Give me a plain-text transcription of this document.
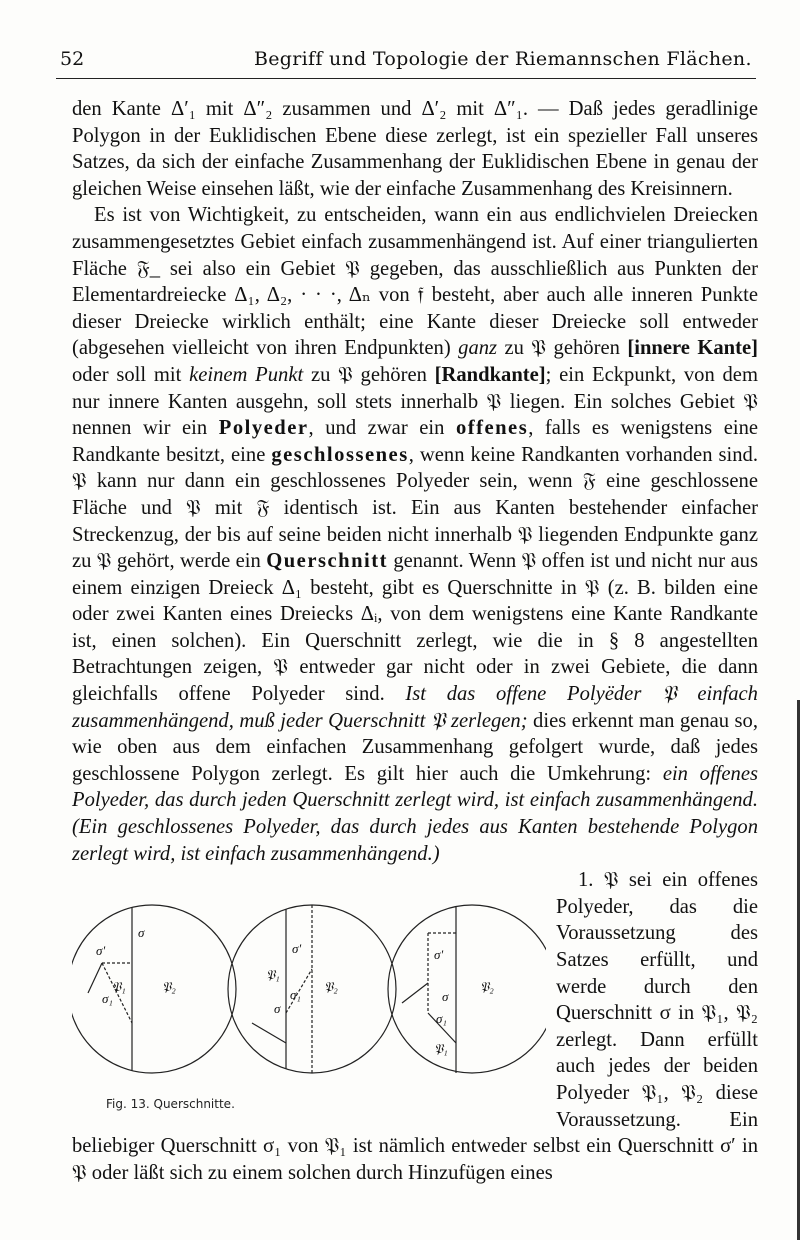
52	Begriff und Topologie der Riemannschen Flächen.

den Kante Δ′₁ mit Δ″₂ zusammen und Δ′₂ mit Δ″₁. — Daß jedes geradlinige Polygon in der Euklidischen Ebene diese zerlegt, ist ein spezieller Fall unseres Satzes, da sich der einfache Zusammenhang der Euklidischen Ebene in genau der gleichen Weise einsehen läßt, wie der einfache Zusammenhang des Kreisinnern.

Es ist von Wichtigkeit, zu entscheiden, wann ein aus endlichvielen Dreiecken zusammengesetztes Gebiet einfach zusammenhängend ist. Auf einer triangulierten Fläche 𝔉_ sei also ein Gebiet 𝔓 gegeben, das ausschließlich aus Punkten der Elementardreiecke Δ₁, Δ₂, · · ·, Δₙ von 𝔣 besteht, aber auch alle inneren Punkte dieser Dreiecke wirklich enthält; eine Kante dieser Dreiecke soll entweder (abgesehen vielleicht von ihren Endpunkten) ganz zu 𝔓 gehören [innere Kante] oder soll mit keinem Punkt zu 𝔓 gehören [Randkante]; ein Eckpunkt, von dem nur innere Kanten ausgehn, soll stets innerhalb 𝔓 liegen. Ein solches Gebiet 𝔓 nennen wir ein Polyeder, und zwar ein offenes, falls es wenigstens eine Randkante besitzt, eine geschlossenes, wenn keine Randkanten vorhanden sind. 𝔓 kann nur dann ein geschlossenes Polyeder sein, wenn 𝔉 eine geschlossene Fläche und 𝔓 mit 𝔉 identisch ist. Ein aus Kanten bestehender einfacher Streckenzug, der bis auf seine beiden nicht innerhalb 𝔓 liegenden Endpunkte ganz zu 𝔓 gehört, werde ein Querschnitt genannt. Wenn 𝔓 offen ist und nicht nur aus einem einzigen Dreieck Δ₁ besteht, gibt es Querschnitte in 𝔓 (z. B. bilden eine oder zwei Kanten eines Dreiecks Δᵢ, von dem wenigstens eine Kante Randkante ist, einen solchen). Ein Querschnitt zerlegt, wie die in § 8 angestellten Betrachtungen zeigen, 𝔓 entweder gar nicht oder in zwei Gebiete, die dann gleichfalls offene Polyeder sind. Ist das offene Polyëder 𝔓 einfach zusammenhängend, muß jeder Querschnitt 𝔓 zerlegen; dies erkennt man genau so, wie oben aus dem einfachen Zusammenhang gefolgert wurde, daß jedes geschlossene Polygon zerlegt. Es gilt hier auch die Umkehrung: ein offenes Polyeder, das durch jeden Querschnitt zerlegt wird, ist einfach zusammenhängend. (Ein geschlossenes Polyeder, das durch jedes aus Kanten bestehende Polygon zerlegt wird, ist einfach zusammenhängend.)

σ'
σ₁
σ
𝔓₁	𝔓₂
σ'
σ₁
σ
𝔓₁
𝔓₂
σ'
σ₁
σ
𝔓₁
𝔓₂
Fig. 13. Querschnitte.

1. 𝔓 sei ein offenes Polyeder, das die Voraussetzung des Satzes erfüllt, und werde durch den Querschnitt σ in 𝔓₁, 𝔓₂ zerlegt. Dann erfüllt auch jedes der beiden Polyeder 𝔓₁, 𝔓₂ diese Voraussetzung. Ein beliebiger Querschnitt σ₁ von 𝔓₁ ist nämlich entweder selbst ein Querschnitt σ′ in 𝔓 oder läßt sich zu einem solchen durch Hinzufügen eines
